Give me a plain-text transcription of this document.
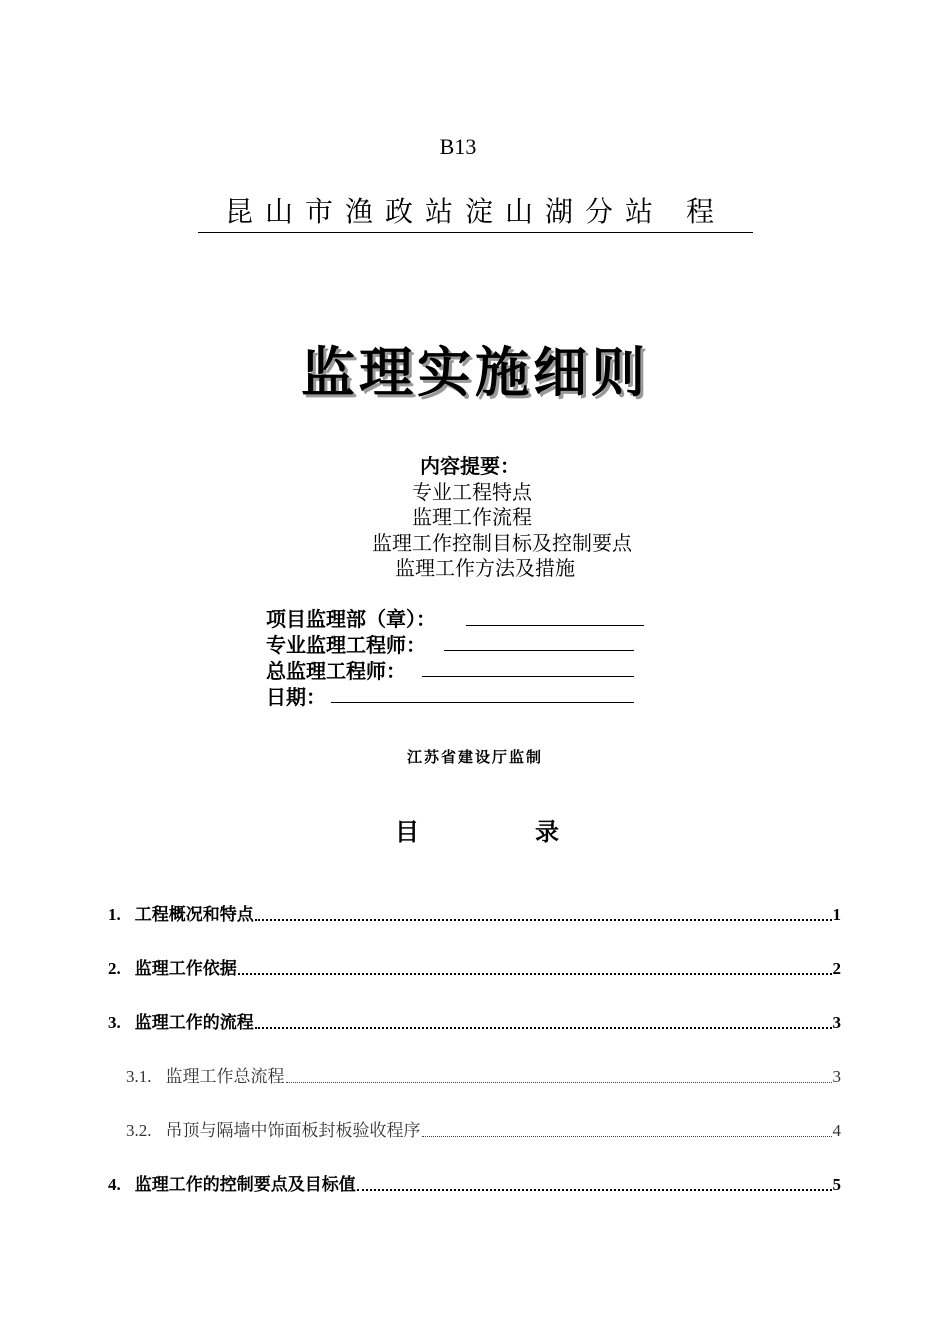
B13
昆山市渔政站淀山湖分站 程
监理实施细则
内容提要：
专业工程特点
监理工作流程
监理工作控制目标及控制要点
监理工作方法及措施
项目监理部（章）：
专业监理工程师：
总监理工程师：
日期：
江苏省建设厅监制
目	录
1. 工程概况和特点	1
2. 监理工作依据	2
3. 监理工作的流程	3
3.1. 监理工作总流程	3
3.2. 吊顶与隔墙中饰面板封板验收程序	4
4. 监理工作的控制要点及目标值	5
